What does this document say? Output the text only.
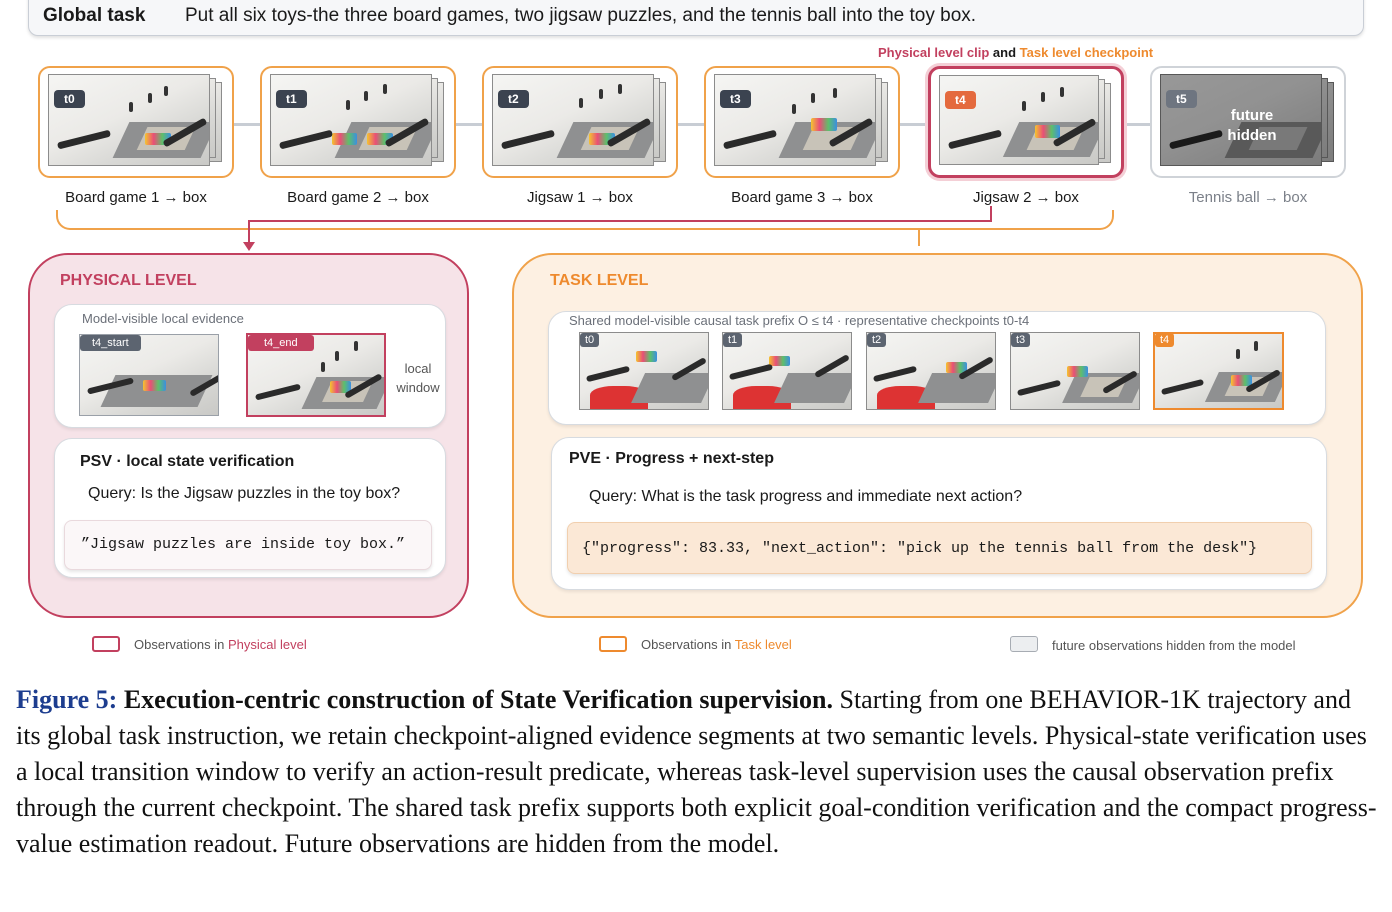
Global task Put all six toys-the three board games, two jigsaw puzzles, and the tennis ball into the toy box.
Physical level clip and Task level checkpoint
t0	t1	t2	t3	t4	t5
future hidden
Board game 1 → box	Board game 2 → box	Jigsaw 1 → box	Board game 3 → box	Jigsaw 2 → box	Tennis ball → box
PHYSICAL LEVEL
Model-visible local evidence
t4_start	t4_end
local window
PSV · local state verification
Query: Is the Jigsaw puzzles in the toy box?
”Jigsaw puzzles are inside toy box.”
TASK LEVEL
Shared model-visible causal task prefix O ≤ t4 · representative checkpoints t0-t4
t0	t1	t2	t3	t4
PVE · Progress + next-step
Query: What is the task progress and immediate next action?
{"progress": 83.33, "next_action": "pick up the tennis ball from the desk"}
Observations in Physical level	Observations in Task level	future observations hidden from the model
Figure 5: Execution-centric construction of State Verification supervision. Starting from one BEHAVIOR-1K trajectory and its global task instruction, we retain checkpoint-aligned evidence segments at two semantic levels. Physical-state verification uses a local transition window to verify an action-result predicate, whereas task-level supervision uses the causal observation prefix through the current checkpoint. The shared task prefix supports both explicit goal-condition verification and the compact progress-value estimation readout. Future observations are hidden from the model.
